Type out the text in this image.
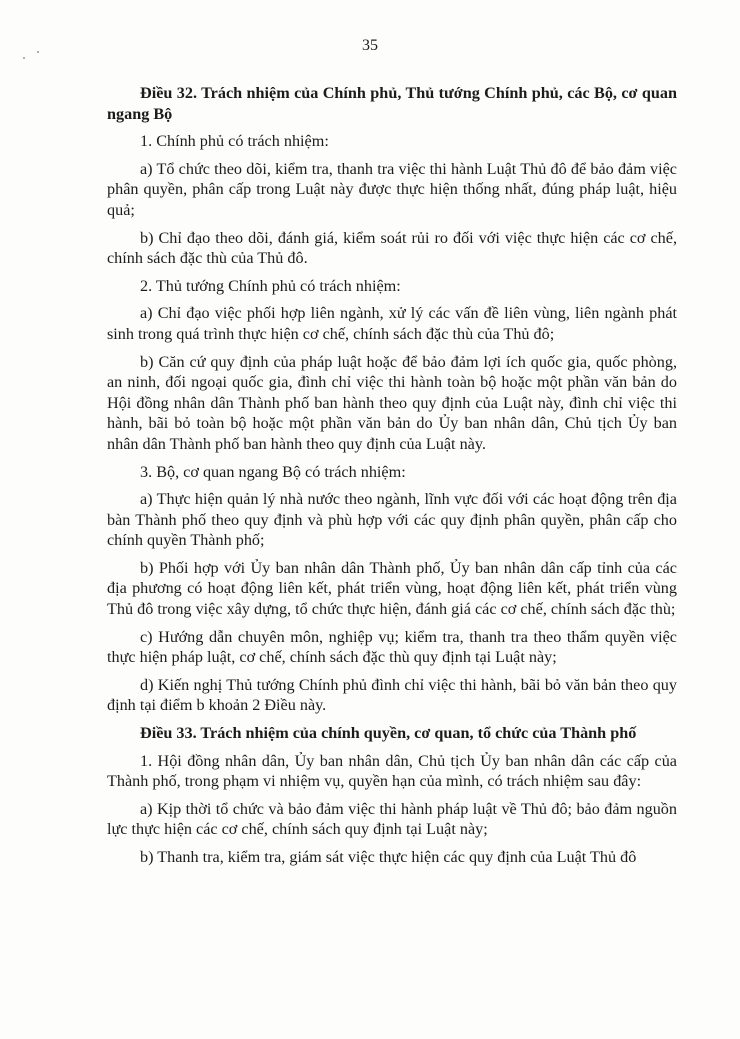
35

Điều 32. Trách nhiệm của Chính phủ, Thủ tướng Chính phủ, các Bộ, cơ quan ngang Bộ

1. Chính phủ có trách nhiệm:

a) Tổ chức theo dõi, kiểm tra, thanh tra việc thi hành Luật Thủ đô để bảo đảm việc phân quyền, phân cấp trong Luật này được thực hiện thống nhất, đúng pháp luật, hiệu quả;

b) Chỉ đạo theo dõi, đánh giá, kiểm soát rủi ro đối với việc thực hiện các cơ chế, chính sách đặc thù của Thủ đô.

2. Thủ tướng Chính phủ có trách nhiệm:

a) Chỉ đạo việc phối hợp liên ngành, xử lý các vấn đề liên vùng, liên ngành phát sinh trong quá trình thực hiện cơ chế, chính sách đặc thù của Thủ đô;

b) Căn cứ quy định của pháp luật hoặc để bảo đảm lợi ích quốc gia, quốc phòng, an ninh, đối ngoại quốc gia, đình chỉ việc thi hành toàn bộ hoặc một phần văn bản do Hội đồng nhân dân Thành phố ban hành theo quy định của Luật này, đình chỉ việc thi hành, bãi bỏ toàn bộ hoặc một phần văn bản do Ủy ban nhân dân, Chủ tịch Ủy ban nhân dân Thành phố ban hành theo quy định của Luật này.

3. Bộ, cơ quan ngang Bộ có trách nhiệm:

a) Thực hiện quản lý nhà nước theo ngành, lĩnh vực đối với các hoạt động trên địa bàn Thành phố theo quy định và phù hợp với các quy định phân quyền, phân cấp cho chính quyền Thành phố;

b) Phối hợp với Ủy ban nhân dân Thành phố, Ủy ban nhân dân cấp tỉnh của các địa phương có hoạt động liên kết, phát triển vùng, hoạt động liên kết, phát triển vùng Thủ đô trong việc xây dựng, tổ chức thực hiện, đánh giá các cơ chế, chính sách đặc thù;

c) Hướng dẫn chuyên môn, nghiệp vụ; kiểm tra, thanh tra theo thẩm quyền việc thực hiện pháp luật, cơ chế, chính sách đặc thù quy định tại Luật này;

d) Kiến nghị Thủ tướng Chính phủ đình chỉ việc thi hành, bãi bỏ văn bản theo quy định tại điểm b khoản 2 Điều này.

Điều 33. Trách nhiệm của chính quyền, cơ quan, tổ chức của Thành phố

1. Hội đồng nhân dân, Ủy ban nhân dân, Chủ tịch Ủy ban nhân dân các cấp của Thành phố, trong phạm vi nhiệm vụ, quyền hạn của mình, có trách nhiệm sau đây:

a) Kịp thời tổ chức và bảo đảm việc thi hành pháp luật về Thủ đô; bảo đảm nguồn lực thực hiện các cơ chế, chính sách quy định tại Luật này;

b) Thanh tra, kiểm tra, giám sát việc thực hiện các quy định của Luật Thủ đô
